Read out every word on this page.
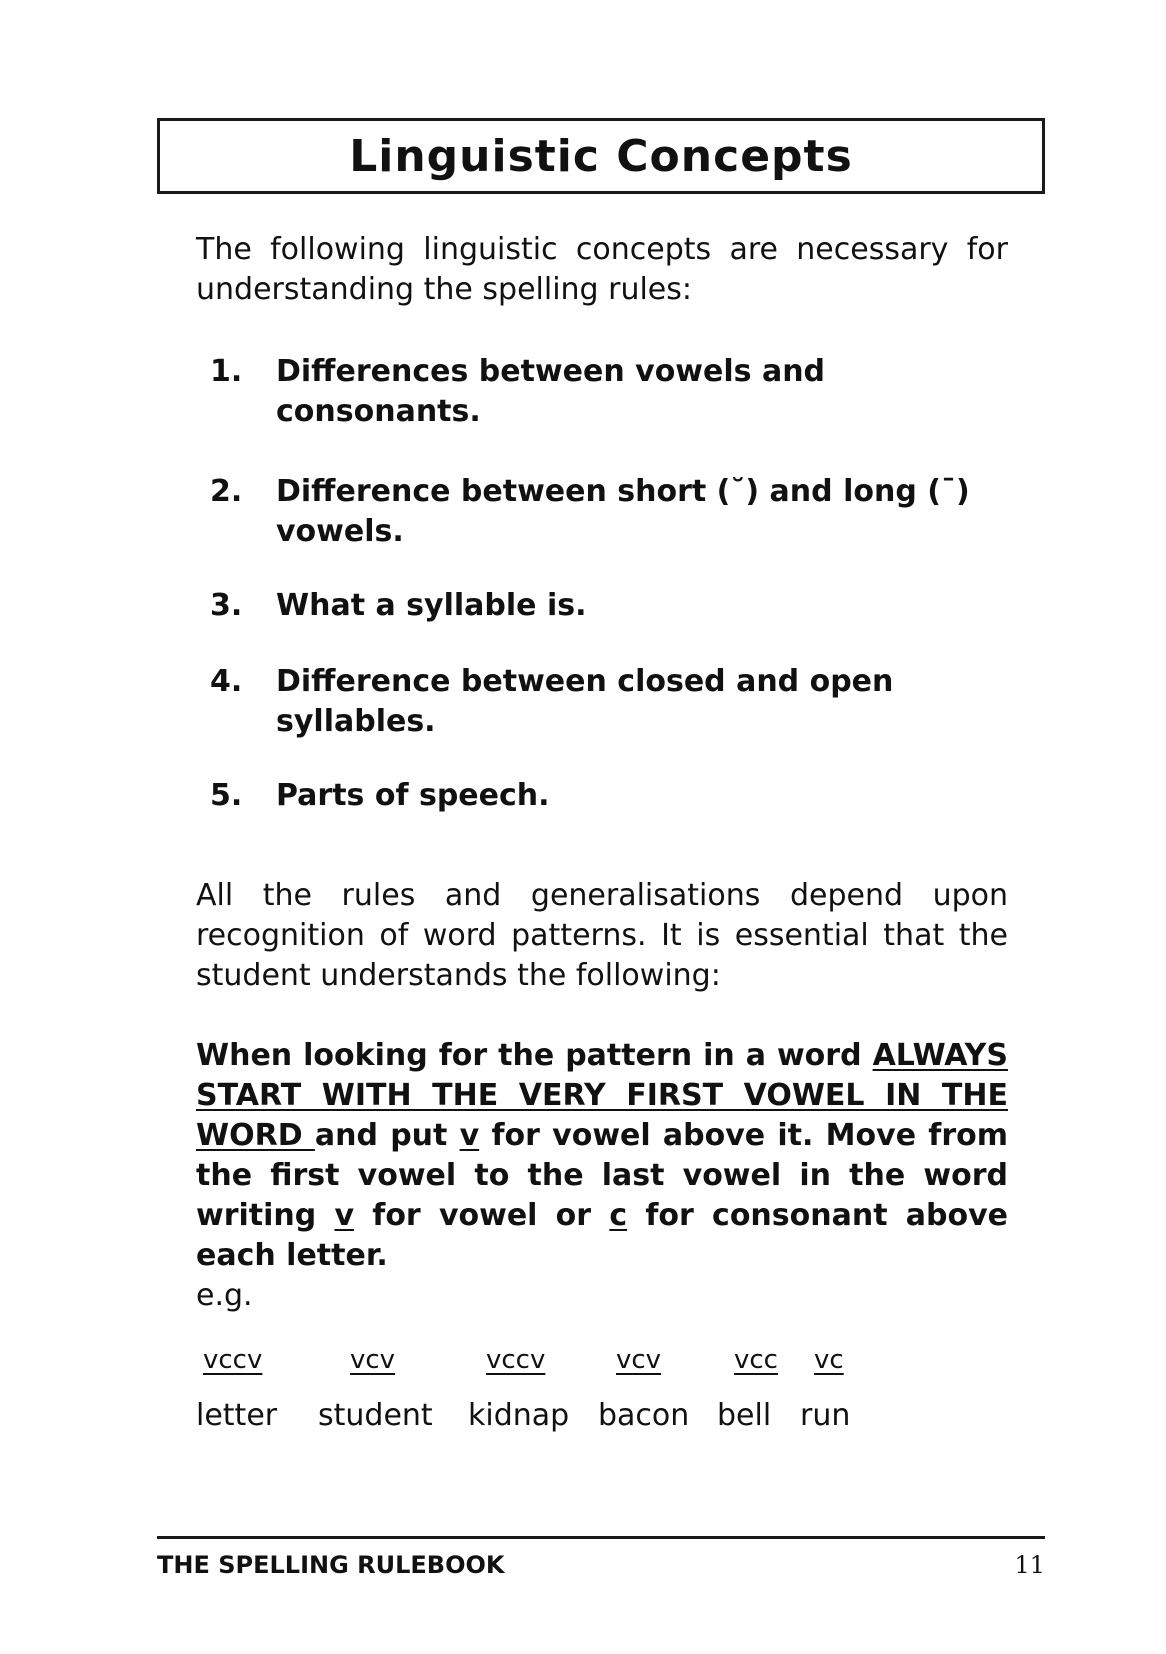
Linguistic Concepts

The following linguistic concepts are necessary for understanding the spelling rules:

1.	Differences between vowels and consonants.
2.	Difference between short (˘) and long (¯) vowels.
3.	What a syllable is.
4.	Difference between closed and open syllables.
5.	Parts of speech.

All the rules and generalisations depend upon recognition of word patterns. It is essential that the student understands the following:

When looking for the pattern in a word ALWAYS START WITH THE VERY FIRST VOWEL IN THE WORD and put v for vowel above it. Move from the first vowel to the last vowel in the word writing v for vowel or c for consonant above each letter.

e.g.
vccv
letter
vcv
student
vccv
kidnap
vcv
bacon
vcc
bell
vc
run
THE SPELLING RULEBOOK	11
